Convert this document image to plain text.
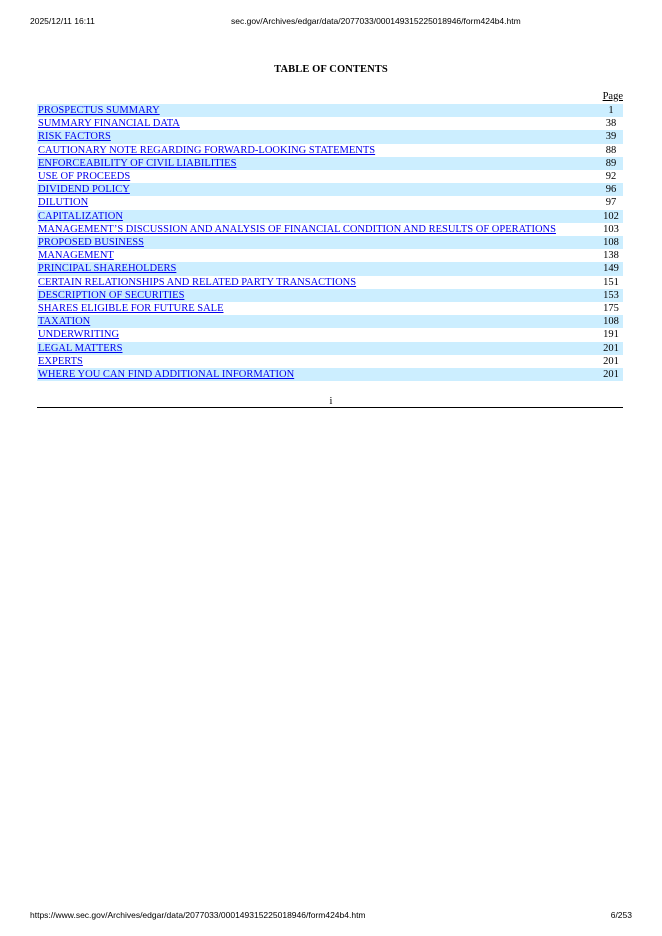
2025/12/11 16:11	sec.gov/Archives/edgar/data/2077033/000149315225018946/form424b4.htm
TABLE OF CONTENTS
Page
PROSPECTUS SUMMARY	1
SUMMARY FINANCIAL DATA	38
RISK FACTORS	39
CAUTIONARY NOTE REGARDING FORWARD-LOOKING STATEMENTS	88
ENFORCEABILITY OF CIVIL LIABILITIES	89
USE OF PROCEEDS	92
DIVIDEND POLICY	96
DILUTION	97
CAPITALIZATION	102
MANAGEMENT’S DISCUSSION AND ANALYSIS OF FINANCIAL CONDITION AND RESULTS OF OPERATIONS	103
PROPOSED BUSINESS	108
MANAGEMENT	138
PRINCIPAL SHAREHOLDERS	149
CERTAIN RELATIONSHIPS AND RELATED PARTY TRANSACTIONS	151
DESCRIPTION OF SECURITIES	153
SHARES ELIGIBLE FOR FUTURE SALE	175
TAXATION	108
UNDERWRITING	191
LEGAL MATTERS	201
EXPERTS	201
WHERE YOU CAN FIND ADDITIONAL INFORMATION	201
i
https://www.sec.gov/Archives/edgar/data/2077033/000149315225018946/form424b4.htm	6/253
